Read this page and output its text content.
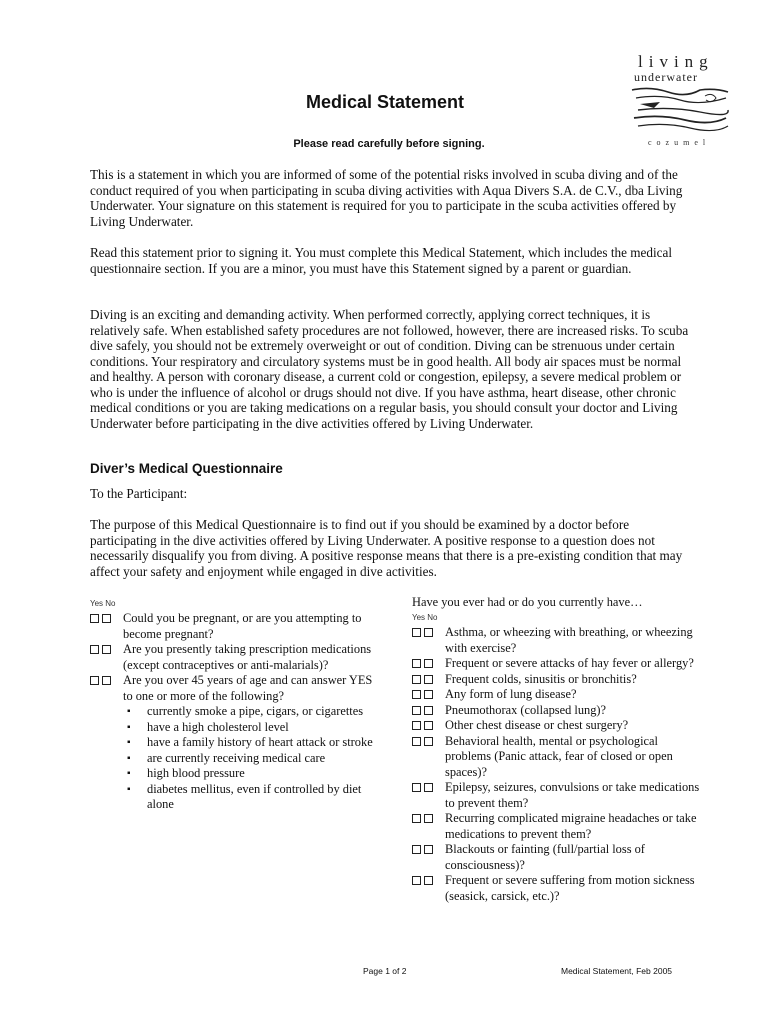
living
underwater
cozumel
Medical Statement
Please read carefully before signing.

This is a statement in which you are informed of some of the potential risks involved in scuba diving and of the conduct required of you when participating in scuba diving activities with Aqua Divers S.A. de C.V., dba Living Underwater. Your signature on this statement is required for you to participate in the scuba activities offered by Living Underwater.

Read this statement prior to signing it. You must complete this Medical Statement, which includes the medical questionnaire section. If you are a minor, you must have this Statement signed by a parent or guardian.

Diving is an exciting and demanding activity. When performed correctly, applying correct techniques, it is relatively safe. When established safety procedures are not followed, however, there are increased risks. To scuba dive safely, you should not be extremely overweight or out of condition. Diving can be strenuous under certain conditions. Your respiratory and circulatory systems must be in good health. All body air spaces must be normal and healthy. A person with coronary disease, a current cold or congestion, epilepsy, a severe medical problem or who is under the influence of alcohol or drugs should not dive. If you have asthma, heart disease, other chronic medical conditions or you are taking medications on a regular basis, you should consult your doctor and Living Underwater before participating in the dive activities offered by Living Underwater.

Diver’s Medical Questionnaire
To the Participant:

The purpose of this Medical Questionnaire is to find out if you should be examined by a doctor before participating in the dive activities offered by Living Underwater. A positive response to a question does not necessarily disqualify you from diving. A positive response means that there is a pre-existing condition that may affect your safety and enjoyment while engaged in dive activities.

Yes No
Could you be pregnant, or are you attempting to become pregnant?
Are you presently taking prescription medications (except contraceptives or anti-malarials)?
Are you over 45 years of age and can answer YES to one or more of the following?
▪ currently smoke a pipe, cigars, or cigarettes
▪ have a high cholesterol level
▪ have a family history of heart attack or stroke
▪ are currently receiving medical care
▪ high blood pressure
▪ diabetes mellitus, even if controlled by diet alone
Have you ever had or do you currently have…
Yes No
Asthma, or wheezing with breathing, or wheezing with exercise?
Frequent or severe attacks of hay fever or allergy?
Frequent colds, sinusitis or bronchitis?
Any form of lung disease?
Pneumothorax (collapsed lung)?
Other chest disease or chest surgery?
Behavioral health, mental or psychological problems (Panic attack, fear of closed or open spaces)?
Epilepsy, seizures, convulsions or take medications to prevent them?
Recurring complicated migraine headaches or take medications to prevent them?
Blackouts or fainting (full/partial loss of consciousness)?
Frequent or severe suffering from motion sickness (seasick, carsick, etc.)?
Page 1 of 2	Medical Statement, Feb 2005
